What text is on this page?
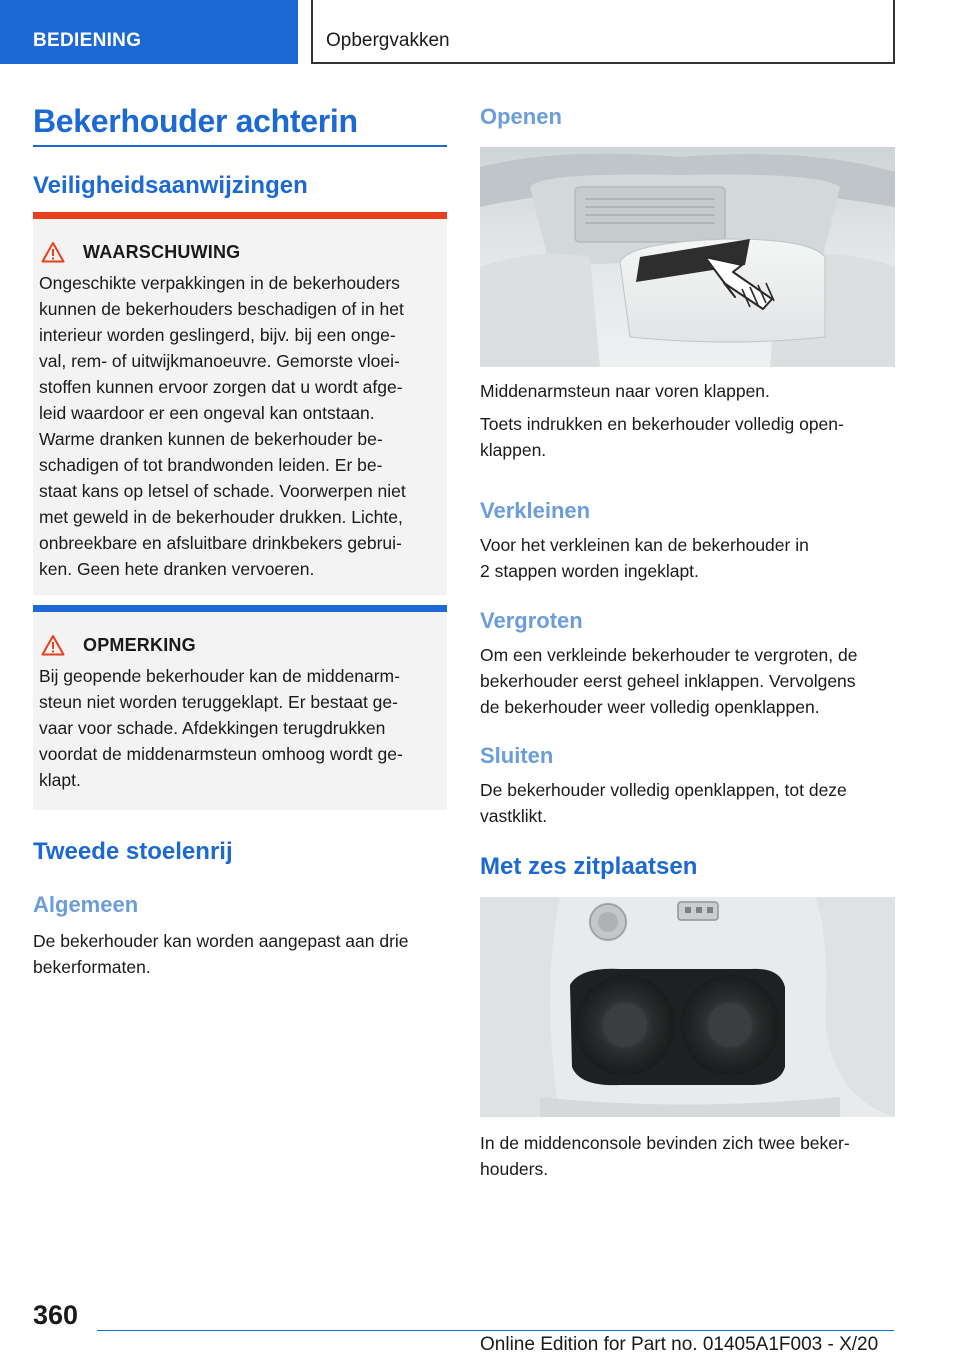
BEDIENING	Opbergvakken
Bekerhouder achterin
Veiligheidsaanwijzingen
WAARSCHUWING
Ongeschikte verpakkingen in de bekerhouders
kunnen de bekerhouders beschadigen of in het
interieur worden geslingerd, bijv. bij een onge-
val, rem- of uitwijkmanoeuvre. Gemorste vloei-
stoffen kunnen ervoor zorgen dat u wordt afge-
leid waardoor er een ongeval kan ontstaan.
Warme dranken kunnen de bekerhouder be-
schadigen of tot brandwonden leiden. Er be-
staat kans op letsel of schade. Voorwerpen niet
met geweld in de bekerhouder drukken. Lichte,
onbreekbare en afsluitbare drinkbekers gebrui-
ken. Geen hete dranken vervoeren.
OPMERKING
Bij geopende bekerhouder kan de middenarm-
steun niet worden teruggeklapt. Er bestaat ge-
vaar voor schade. Afdekkingen terugdrukken
voordat de middenarmsteun omhoog wordt ge-
klapt.
Tweede stoelenrij
Algemeen
De bekerhouder kan worden aangepast aan drie
bekerformaten.
Openen
Middenarmsteun naar voren klappen.
Toets indrukken en bekerhouder volledig open-
klappen.
Verkleinen
Voor het verkleinen kan de bekerhouder in
2 stappen worden ingeklapt.
Vergroten
Om een verkleinde bekerhouder te vergroten, de
bekerhouder eerst geheel inklappen. Vervolgens
de bekerhouder weer volledig openklappen.
Sluiten
De bekerhouder volledig openklappen, tot deze
vastklikt.
Met zes zitplaatsen
In de middenconsole bevinden zich twee beker-
houders.
360
Online Edition for Part no. 01405A1F003 - X/20
